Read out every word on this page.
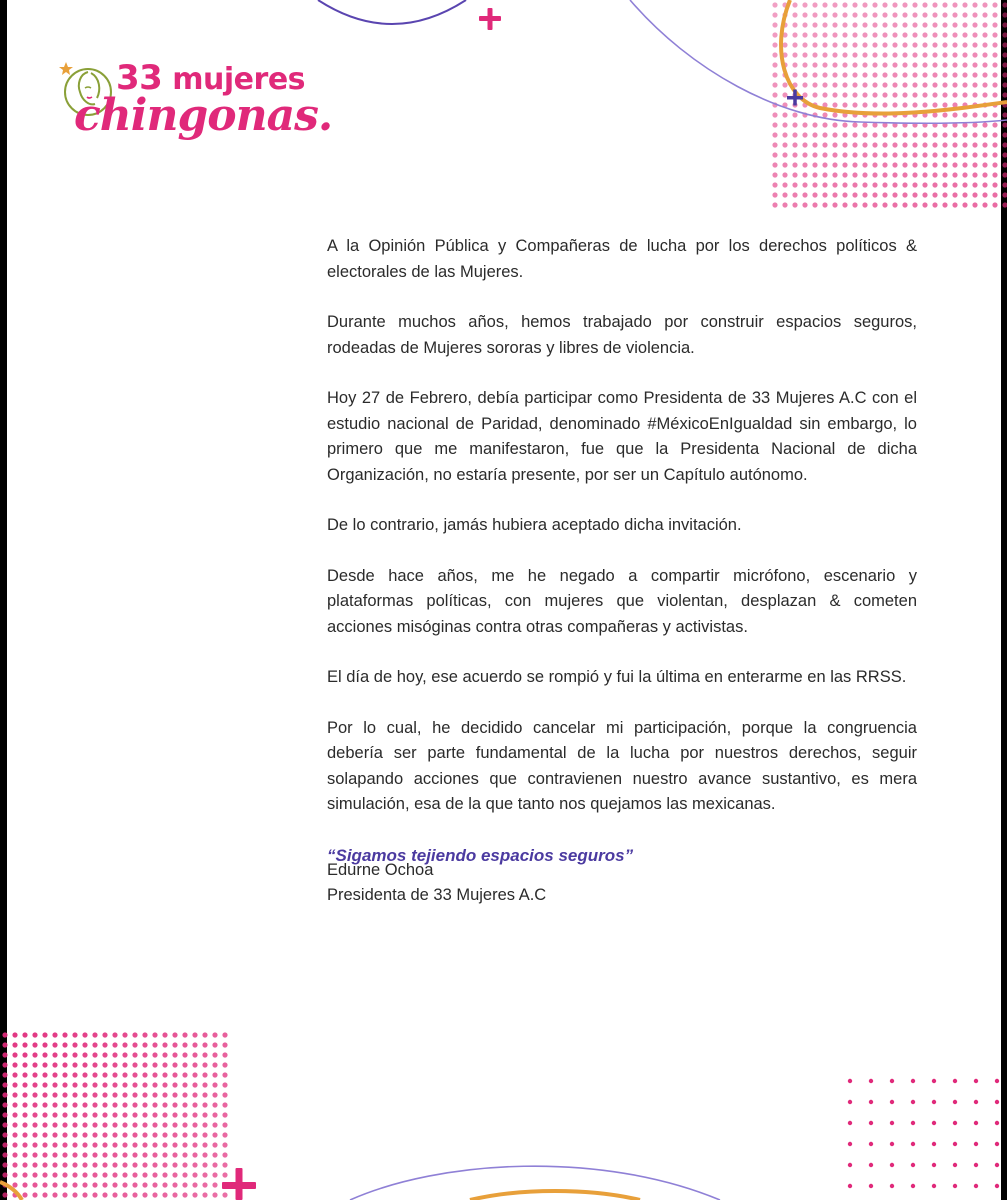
33 mujeres
chingonas.

A la Opinión Pública y Compañeras de lucha por los derechos políticos & electorales de las Mujeres.

Durante muchos años, hemos trabajado por construir espacios seguros, rodeadas de Mujeres sororas y libres de violencia.

Hoy 27 de Febrero, debía participar como Presidenta de 33 Mujeres A.C con el estudio nacional de Paridad, denominado #MéxicoEnIgualdad sin embargo, lo primero que me manifestaron, fue que la Presidenta Nacional de dicha Organización, no estaría presente, por ser un Capítulo autónomo.

De lo contrario, jamás hubiera aceptado dicha invitación.

Desde hace años, me he negado a compartir micrófono, escenario y plataformas políticas, con mujeres que violentan, desplazan & cometen acciones misóginas contra otras compañeras y activistas.

El día de hoy, ese acuerdo se rompió y fui la última en enterarme en las RRSS.

Por lo cual, he decidido cancelar mi participación, porque la congruencia debería ser parte fundamental de la lucha por nuestros derechos, seguir solapando acciones que contravienen nuestro avance sustantivo, es mera simulación, esa de la que tanto nos quejamos las mexicanas.

“Sigamos tejiendo espacios seguros”

Edurne Ochoa
Presidenta de 33 Mujeres A.C
